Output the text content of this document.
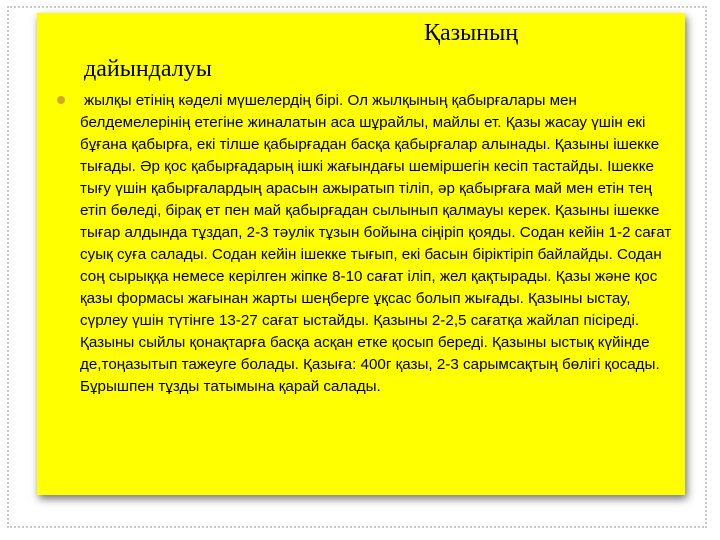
Қазының
дайындалуы

жылқы етінің кәделі мүшелердің бірі. Ол жылқының қабырғалары мен белдемелерінің етегіне жиналатын аса шұрайлы, майлы ет. Қазы жасау үшін екі бұғана қабырға, екі тілше қабырғадан басқа қабырғалар алынады. Қазыны ішекке тығады. Әр қос қабырғадарың ішкі жағындағы шеміршегін кесіп тастайды. Ішекке тығу үшін қабырғалардың арасын ажыратып тіліп, әр қабырғаға май мен етін тең етіп бөледі, бірақ ет пен май қабырғадан сылынып қалмауы керек. Қазыны ішекке тығар алдында тұздап, 2-3 тәулік тұзын бойына сіңіріп қояды. Содан кейін 1-2 сағат суық суға салады. Содан кейін ішекке тығып, екі басын біріктіріп байлайды. Содан соң сырыққа немесе керілген жіпке 8-10 сағат іліп, жел қақтырады. Қазы және қос қазы формасы жағынан жарты шеңберге ұқсас болып жығады. Қазыны ыстау, сүрлеу үшін түтінге 13-27 сағат ыстайды. Қазыны 2-2,5 сағатқа жайлап пісіреді. Қазыны сыйлы қонақтарға басқа асқан етке қосып береді. Қазыны ыстық күйінде де,тоңазытып тажеуге болады. Қазыға: 400г қазы, 2-3 сарымсақтың бөлігі қосады. Бұрышпен тұзды татымына қарай салады.
